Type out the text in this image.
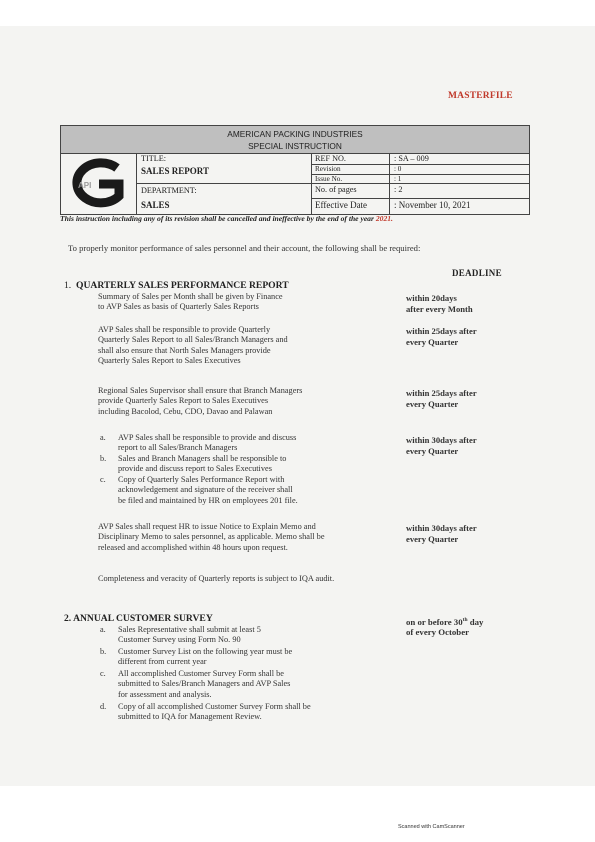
MASTERFILE
AMERICAN PACKING INDUSTRIES
SPECIAL INSTRUCTION
API
TITLE:
SALES REPORT
DEPARTMENT:
SALES
REF NO.	: SA – 009
Revision	: 0
Issue No.	: 1
No. of pages	: 2
Effective Date	: November 10, 2021
This instruction including any of its revision shall be cancelled and ineffective by the end of the year 2021.
To properly monitor performance of sales personnel and their account, the following shall be required:
DEADLINE
1. QUARTERLY SALES PERFORMANCE REPORT
Summary of Sales per Month shall be given by Finance
to AVP Sales as basis of Quarterly Sales Reports
within 20days
after every Month
AVP Sales shall be responsible to provide Quarterly
Quarterly Sales Report to all Sales/Branch Managers and
shall also ensure that North Sales Managers provide
Quarterly Sales Report to Sales Executives
within 25days after
every Quarter
Regional Sales Supervisor shall ensure that Branch Managers
provide Quarterly Sales Report to Sales Executives
including Bacolod, Cebu, CDO, Davao and Palawan
within 25days after
every Quarter
a. AVP Sales shall be responsible to provide and discuss
report to all Sales/Branch Managers
b. Sales and Branch Managers shall be responsible to
provide and discuss report to Sales Executives
c. Copy of Quarterly Sales Performance Report with
acknowledgement and signature of the receiver shall
be filed and maintained by HR on employees 201 file.
within 30days after
every Quarter
AVP Sales shall request HR to issue Notice to Explain Memo and
Disciplinary Memo to sales personnel, as applicable. Memo shall be
released and accomplished within 48 hours upon request.
within 30days after
every Quarter
Completeness and veracity of Quarterly reports is subject to IQA audit.
2. ANNUAL CUSTOMER SURVEY	on or before 30th day
of every October
a. Sales Representative shall submit at least 5
Customer Survey using Form No. 90
b. Customer Survey List on the following year must be
different from current year
c. All accomplished Customer Survey Form shall be
submitted to Sales/Branch Managers and AVP Sales
for assessment and analysis.
d. Copy of all accomplished Customer Survey Form shall be
submitted to IQA for Management Review.
Scanned with CamScanner
